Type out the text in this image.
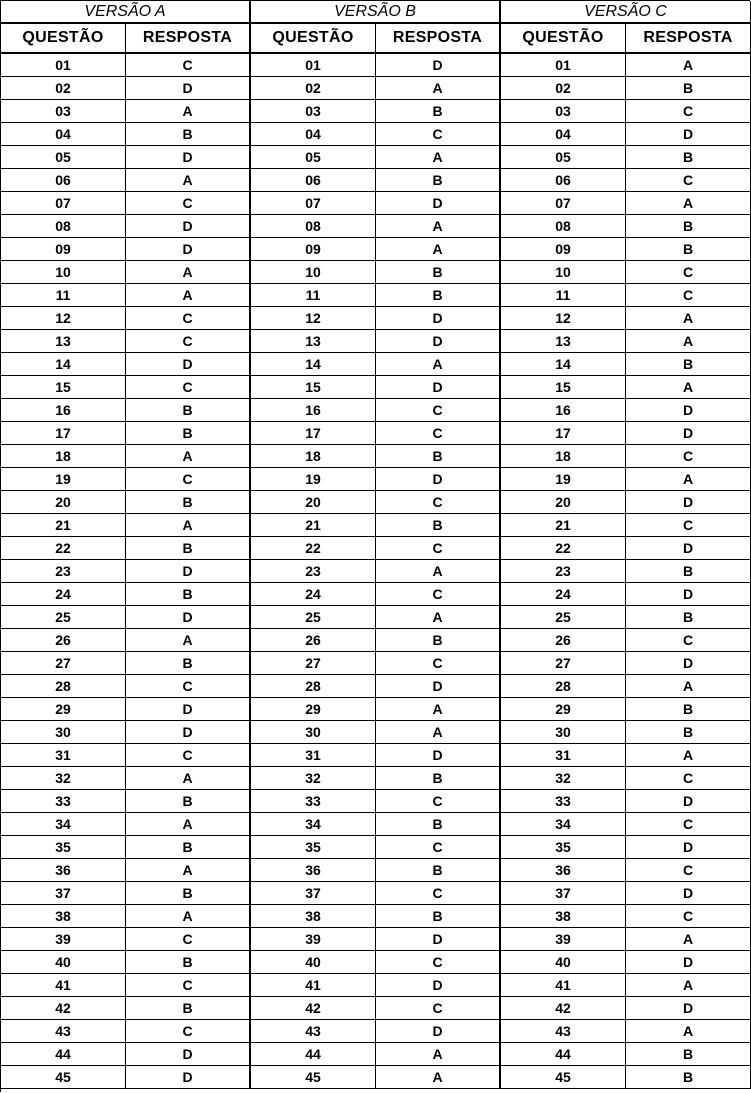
VERSÃO A	VERSÃO B	VERSÃO C
QUESTÃO	RESPOSTA	QUESTÃO	RESPOSTA	QUESTÃO	RESPOSTA
01	C	01	D	01	A
02	D	02	A	02	B
03	A	03	B	03	C
04	B	04	C	04	D
05	D	05	A	05	B
06	A	06	B	06	C
07	C	07	D	07	A
08	D	08	A	08	B
09	D	09	A	09	B
10	A	10	B	10	C
11	A	11	B	11	C
12	C	12	D	12	A
13	C	13	D	13	A
14	D	14	A	14	B
15	C	15	D	15	A
16	B	16	C	16	D
17	B	17	C	17	D
18	A	18	B	18	C
19	C	19	D	19	A
20	B	20	C	20	D
21	A	21	B	21	C
22	B	22	C	22	D
23	D	23	A	23	B
24	B	24	C	24	D
25	D	25	A	25	B
26	A	26	B	26	C
27	B	27	C	27	D
28	C	28	D	28	A
29	D	29	A	29	B
30	D	30	A	30	B
31	C	31	D	31	A
32	A	32	B	32	C
33	B	33	C	33	D
34	A	34	B	34	C
35	B	35	C	35	D
36	A	36	B	36	C
37	B	37	C	37	D
38	A	38	B	38	C
39	C	39	D	39	A
40	B	40	C	40	D
41	C	41	D	41	A
42	B	42	C	42	D
43	C	43	D	43	A
44	D	44	A	44	B
45	D	45	A	45	B
